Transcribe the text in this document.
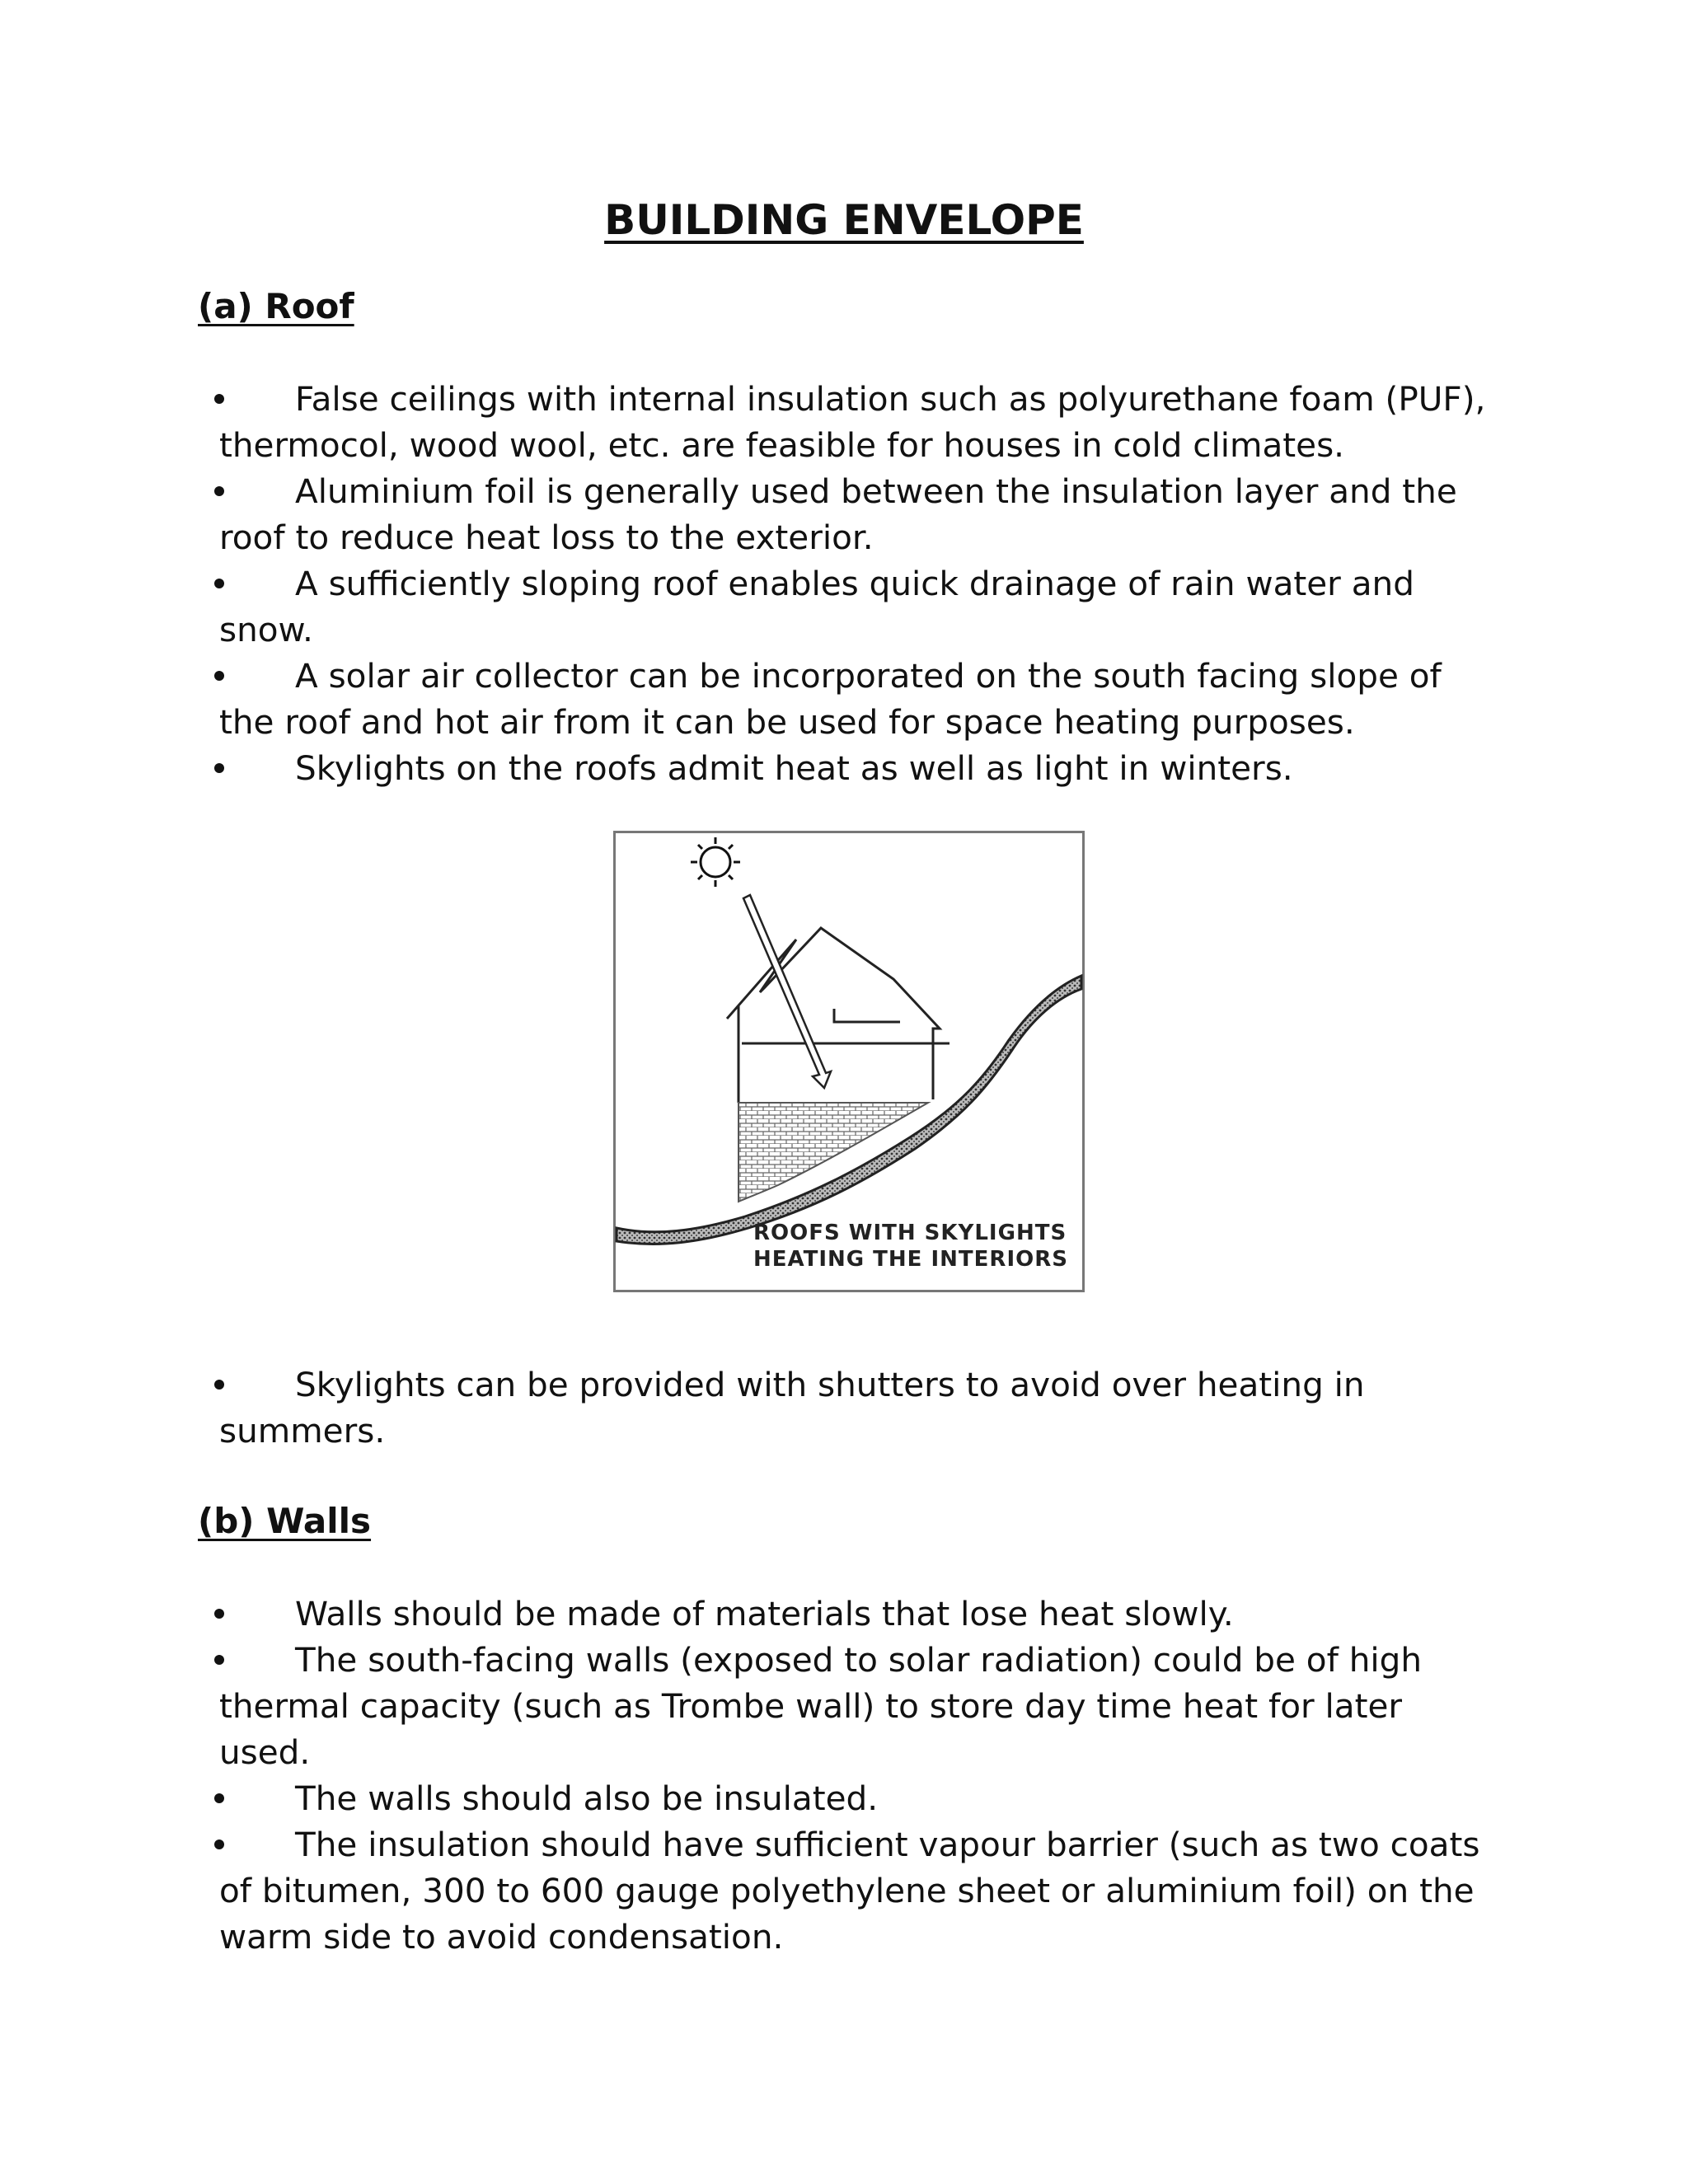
BUILDING ENVELOPE
(a) Roof
False ceilings with internal insulation such as polyurethane foam (PUF), thermocol, wood wool, etc. are feasible for houses in cold climates.
Aluminium foil is generally used between the insulation layer and the roof to reduce heat loss to the exterior.
A sufficiently sloping roof enables quick drainage of rain water and snow.
A solar air collector can be incorporated on the south facing slope of the roof and hot air from it can be used for space heating purposes.
Skylights on the roofs admit heat as well as light in winters.
ROOFS WITH SKYLIGHTS
HEATING THE INTERIORS
Skylights can be provided with shutters to avoid over heating in summers.
(b) Walls
Walls should be made of materials that lose heat slowly.
The south-facing walls (exposed to solar radiation) could be of high thermal capacity (such as Trombe wall) to store day time heat for later used.
The walls should also be insulated.
The insulation should have sufficient vapour barrier (such as two coats of bitumen, 300 to 600 gauge polyethylene sheet or aluminium foil) on the warm side to avoid condensation.
